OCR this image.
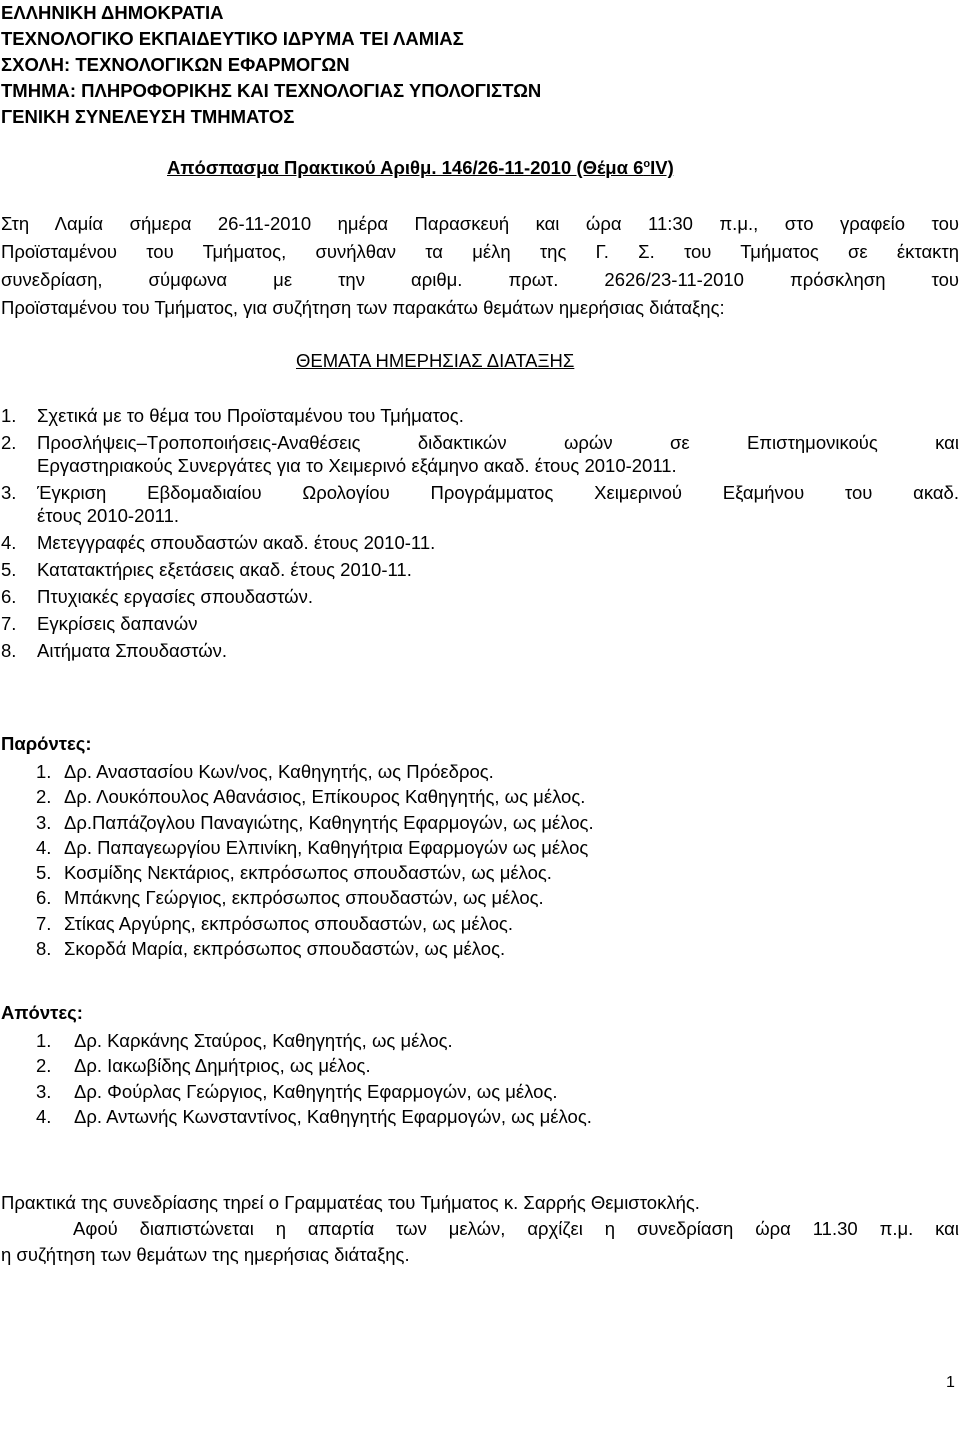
ΕΛΛΗΝΙΚΗ ΔΗΜΟΚΡΑΤΙΑ
ΤΕΧΝΟΛΟΓΙΚΟ ΕΚΠΑΙΔΕΥΤΙΚΟ ΙΔΡΥΜΑ ΤΕΙ ΛΑΜΙΑΣ
ΣΧΟΛΗ: ΤΕΧΝΟΛΟΓΙΚΩΝ ΕΦΑΡΜΟΓΩΝ
ΤΜΗΜΑ: ΠΛΗΡΟΦΟΡΙΚΗΣ ΚΑΙ ΤΕΧΝΟΛΟΓΙΑΣ ΥΠΟΛΟΓΙΣΤΩΝ
ΓΕΝΙΚΗ ΣΥΝΕΛΕΥΣΗ ΤΜΗΜΑΤΟΣ
Απόσπασμα Πρακτικού Αριθμ. 146/26-11-2010 (Θέμα $6^oIV$)
Στη Λαμία σήμερα 26-11-2010 ημέρα Παρασκευή και ώρα 11:30 π.μ., στο γραφείο του
Προϊσταμένου του Τμήματος, συνήλθαν τα μέλη της Γ. Σ. του Τμήματος σε έκτακτη
συνεδρίαση, σύμφωνα με την αριθμ. πρωτ. 2626/23-11-2010 πρόσκληση του
Προϊσταμένου του Τμήματος, για συζήτηση των παρακάτω θεμάτων ημερήσιας διάταξης:
ΘΕΜΑΤΑ ΗΜΕΡΗΣΙΑΣ ΔΙΑΤΑΞΗΣ
1.	Σχετικά με το θέμα του Προϊσταμένου του Τμήματος.
2.	Προσλήψεις–Τροποποιήσεις-Αναθέσεις διδακτικών ωρών σε Επιστημονικούς και
Εργαστηριακούς Συνεργάτες για το Χειμερινό εξάμηνο ακαδ. έτους 2010-2011.
3.	Έγκριση Εβδομαδιαίου Ωρολογίου Προγράμματος Χειμερινού Εξαμήνου του ακαδ.
έτους 2010-2011.
4.	Μετεγγραφές σπουδαστών ακαδ. έτους 2010-11.
5.	Κατατακτήριες εξετάσεις ακαδ. έτους 2010-11.
6.	Πτυχιακές εργασίες σπουδαστών.
7.	Εγκρίσεις δαπανών
8.	Αιτήματα Σπουδαστών.
Παρόντες:
1. Δρ. Αναστασίου Κων/νος, Καθηγητής, ως Πρόεδρος.
2. Δρ. Λουκόπουλος Αθανάσιος, Επίκουρος Καθηγητής, ως μέλος.
3. Δρ.Παπάζογλου Παναγιώτης, Καθηγητής Εφαρμογών, ως μέλος.
4. Δρ. Παπαγεωργίου Ελπινίκη, Καθηγήτρια Εφαρμογών ως μέλος
5. Κοσμίδης Νεκτάριος, εκπρόσωπος σπουδαστών, ως μέλος.
6. Μπάκνης Γεώργιος, εκπρόσωπος σπουδαστών, ως μέλος.
7. Στίκας Αργύρης, εκπρόσωπος σπουδαστών, ως μέλος.
8. Σκορδά Μαρία, εκπρόσωπος σπουδαστών, ως μέλος.
Απόντες:
1.	Δρ. Καρκάνης Σταύρος, Καθηγητής, ως μέλος.
2.	Δρ. Ιακωβίδης Δημήτριος, ως μέλος.
3.	Δρ. Φούρλας Γεώργιος, Καθηγητής Εφαρμογών, ως μέλος.
4.	Δρ. Αντωνής Κωνσταντίνος, Καθηγητής Εφαρμογών, ως μέλος.
Πρακτικά της συνεδρίασης τηρεί ο Γραμματέας του Τμήματος κ. Σαρρής Θεμιστοκλής.
Αφού διαπιστώνεται η απαρτία των μελών, αρχίζει η συνεδρίαση ώρα 11.30 π.μ. και
η συζήτηση των θεμάτων της ημερήσιας διάταξης.
1
